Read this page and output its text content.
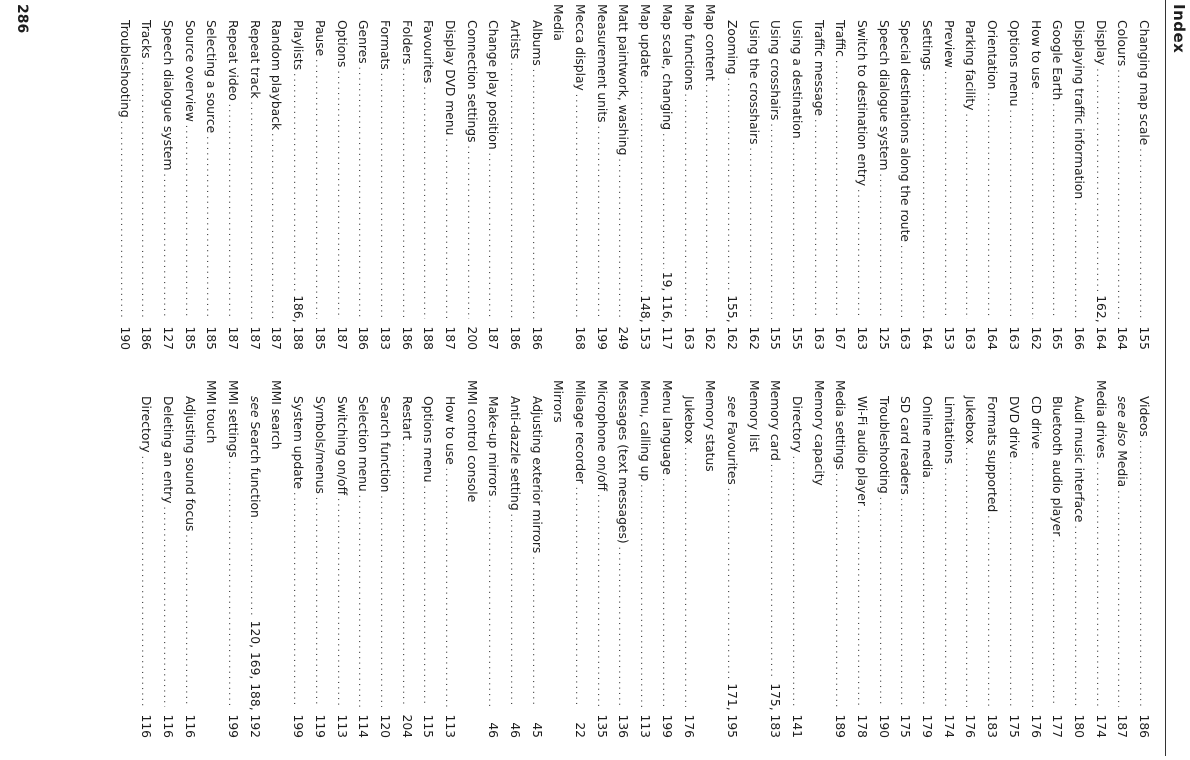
Index
Changing map scale
.....
155
Colours
.....
164
Display
.....
162, 164
Displaying traffic information
.....
166
Google Earth
.....
165
How to use
.....
162
Options menu
.....
163
Orientation
.....
164
Parking facility
.....
163
Preview
.....
153
Settings
.....
164
Special destinations along the route
.....
163
Speech dialogue system
.....
125
Switch to destination entry
.....
163
Traffic
.....
167
Traffic message
.....
163
Using a destination
.....
155
Using crosshairs
.....
155
Using the crosshairs
.....
162
Zooming
.....
155, 162
Map content
.....
162
Map functions
.....
163
Map scale, changing
.....
19, 116, 117
Map update
.....
148, 153
Matt paintwork, washing
.....
249
Measurement units
.....
199
Mecca display
.....
168
Media
Albums
.....
186
Artists
.....
186
Change play position
.....
187
Connection settings
.....
200
Display DVD menu
.....
187
Favourites
.....
188
Folders
.....
186
Formats
.....
183
Genres
.....
186
Options
.....
187
Pause
.....
185
Playlists
.....
186, 188
Random playback
.....
187
Repeat track
.....
187
Repeat video
.....
187
Selecting a source
.....
185
Source overview
.....
185
Speech dialogue system
.....
127
Tracks
.....
186
Troubleshooting
.....
190
Videos
.....
186
see also Media
.....
187
Media drives
.....
174
Audi music interface
.....
180
Bluetooth audio player
.....
177
CD drive
.....
176
DVD drive
.....
175
Formats supported
.....
183
Jukebox
.....
176
Limitations
.....
174
Online media
.....
179
SD card readers
.....
175
Troubleshooting
.....
190
Wi-Fi audio player
.....
178
Media settings
.....
189
Memory capacity
Directory
.....
141
Memory card
.....
175, 183
Memory list
see Favourites
.....
171, 195
Memory status
Jukebox
.....
176
Menu language
.....
199
Menu, calling up
.....
113
Messages (text messages)
.....
136
Microphone on/off
.....
135
Mileage recorder
.....
22
Mirrors
Adjusting exterior mirrors
.....
45
Anti-dazzle setting
.....
46
Make-up mirrors
.....
46
MMI control console
How to use
.....
113
Options menu
.....
115
Restart
.....
204
Search function
.....
120
Selection menu
.....
114
Switching on/off
.....
113
Symbols/menus
.....
119
System update
.....
199
MMI search
see Search function
.....
120, 169, 188, 192
MMI settings
.....
199
MMI touch
Adjusting sound focus
.....
116
Deleting an entry
.....
116
Directory
.....
116
286
